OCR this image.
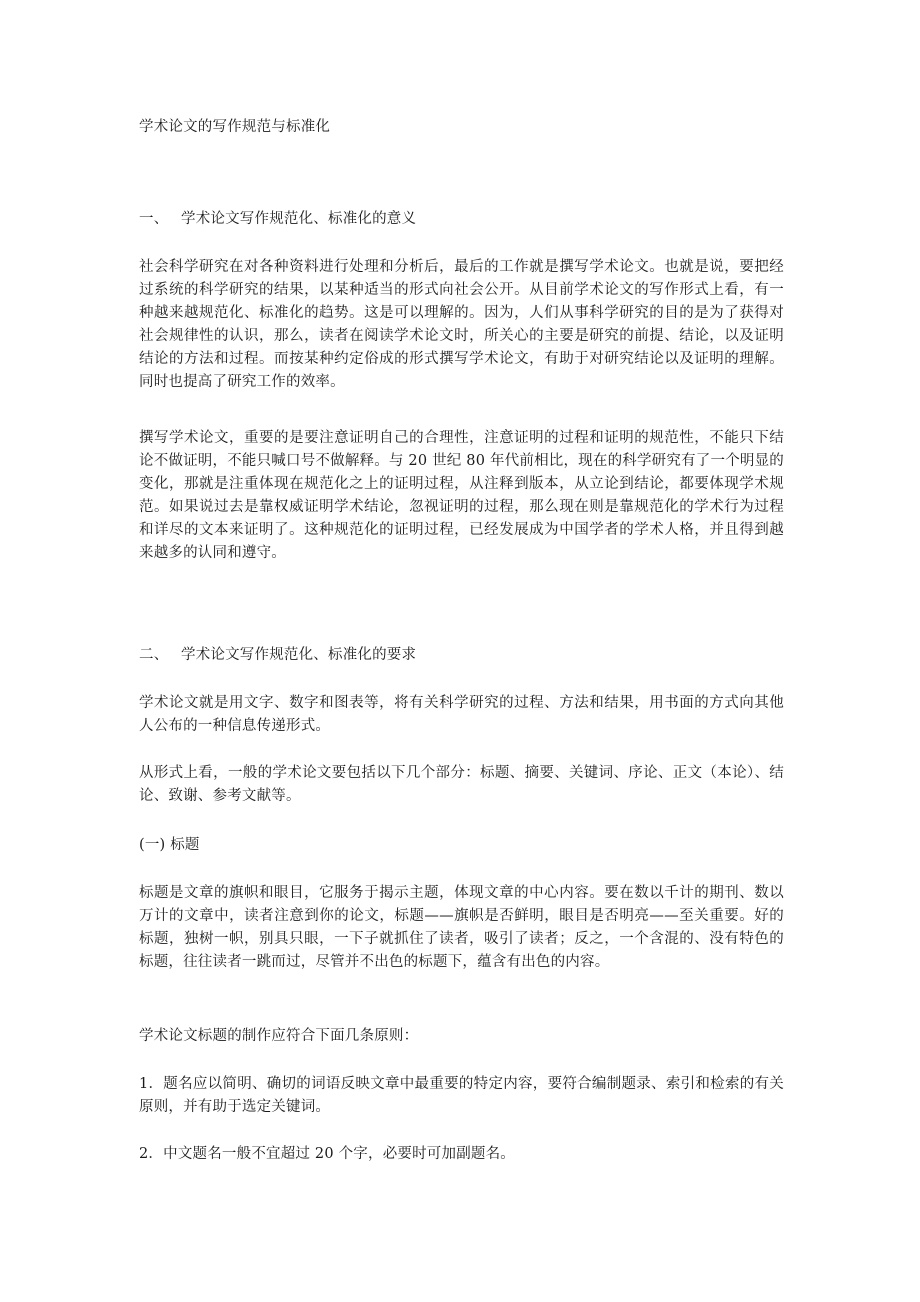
学术论文的写作规范与标准化
一、 学术论文写作规范化、标准化的意义
社会科学研究在对各种资料进行处理和分析后，最后的工作就是撰写学术论文。也就是说，要把经过系统的科学研究的结果，以某种适当的形式向社会公开。从目前学术论文的写作形式上看，有一种越来越规范化、标准化的趋势。这是可以理解的。因为，人们从事科学研究的目的是为了获得对社会规律性的认识，那么，读者在阅读学术论文时，所关心的主要是研究的前提、结论，以及证明结论的方法和过程。而按某种约定俗成的形式撰写学术论文，有助于对研究结论以及证明的理解。同时也提高了研究工作的效率。
撰写学术论文，重要的是要注意证明自己的合理性，注意证明的过程和证明的规范性，不能只下结论不做证明，不能只喊口号不做解释。与 20 世纪 80 年代前相比，现在的科学研究有了一个明显的变化，那就是注重体现在规范化之上的证明过程，从注释到版本，从立论到结论，都要体现学术规范。如果说过去是靠权威证明学术结论，忽视证明的过程，那么现在则是靠规范化的学术行为过程和详尽的文本来证明了。这种规范化的证明过程，已经发展成为中国学者的学术人格，并且得到越来越多的认同和遵守。
二、 学术论文写作规范化、标准化的要求
学术论文就是用文字、数字和图表等，将有关科学研究的过程、方法和结果，用书面的方式向其他人公布的一种信息传递形式。
从形式上看，一般的学术论文要包括以下几个部分：标题、摘要、关键词、序论、正文（本论）、结论、致谢、参考文献等。
(一) 标题
标题是文章的旗帜和眼目，它服务于揭示主题，体现文章的中心内容。要在数以千计的期刊、数以万计的文章中，读者注意到你的论文，标题——旗帜是否鲜明，眼目是否明亮——至关重要。好的标题，独树一帜，别具只眼，一下子就抓住了读者，吸引了读者；反之，一个含混的、没有特色的标题，往往读者一跳而过，尽管并不出色的标题下，蕴含有出色的内容。
学术论文标题的制作应符合下面几条原则：
1．题名应以简明、确切的词语反映文章中最重要的特定内容，要符合编制题录、索引和检索的有关原则，并有助于选定关键词。
2．中文题名一般不宜超过 20 个字，必要时可加副题名。
